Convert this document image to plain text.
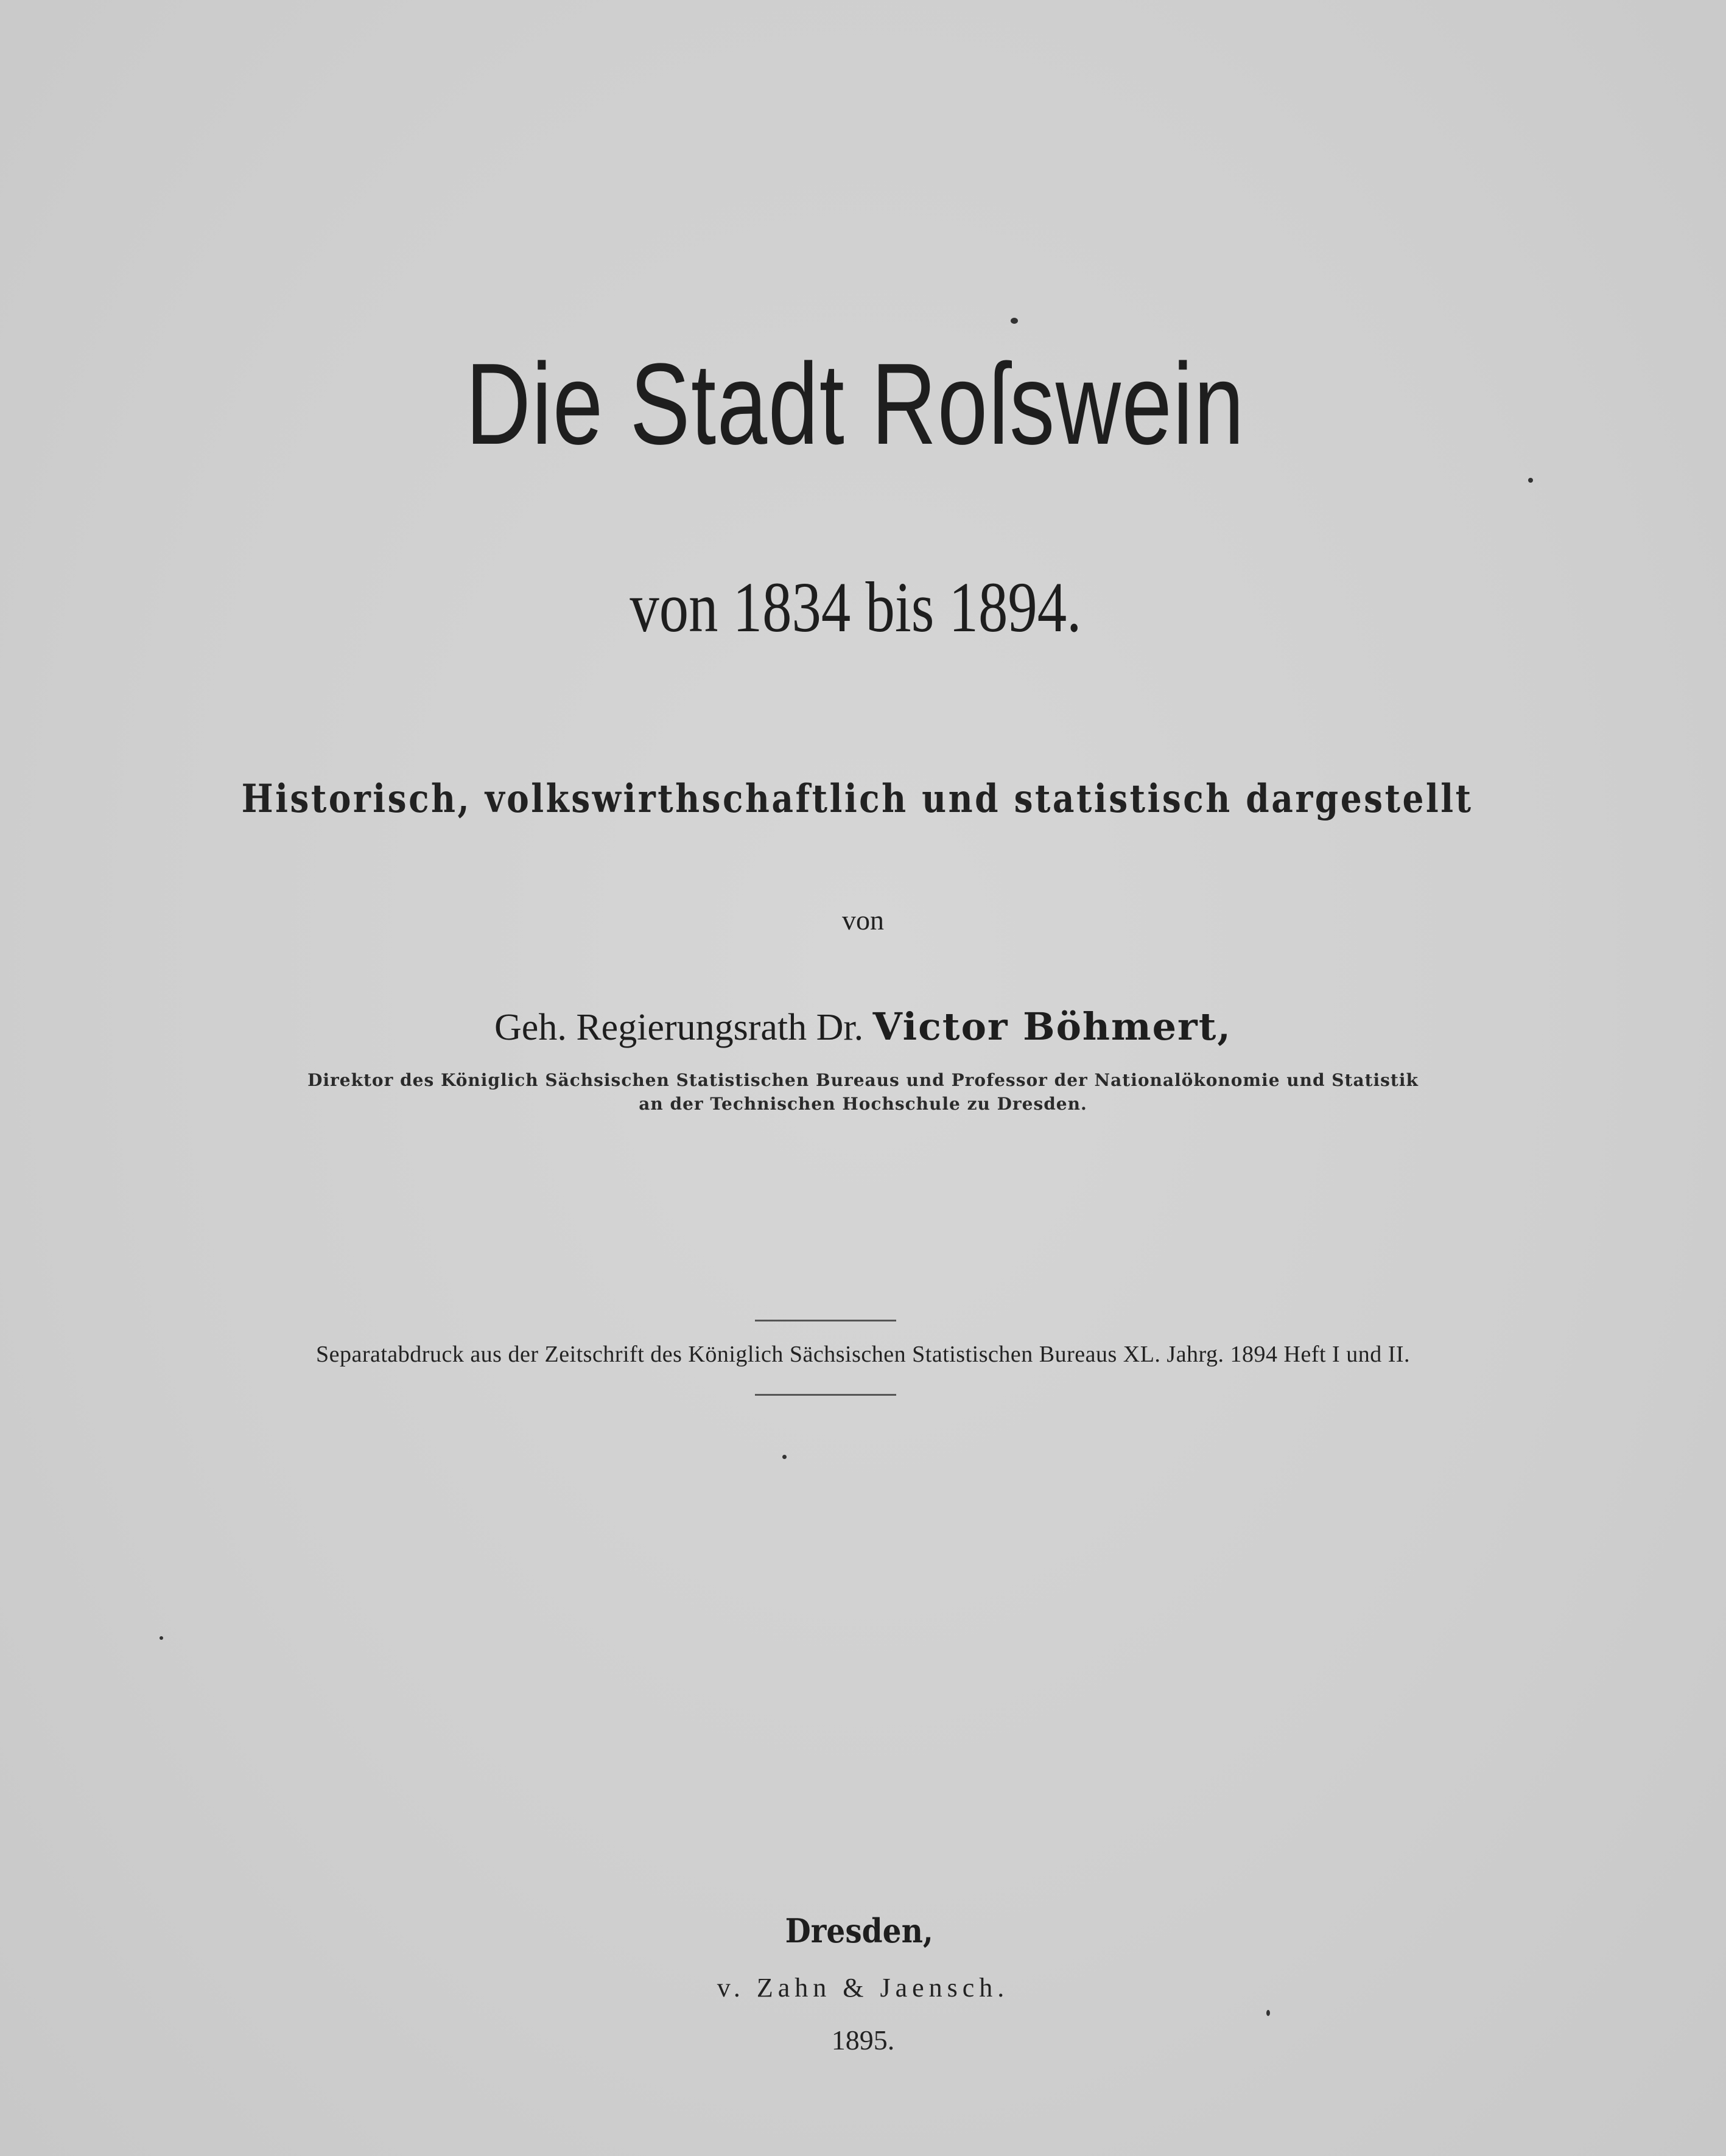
Die Stadt Roſswein
von 1834 bis 1894.
Historisch, volkswirthschaftlich und statistisch dargestellt
von
Geh. Regierungsrath Dr. Victor Böhmert,
Direktor des Königlich Sächsischen Statistischen Bureaus und Professor der Nationalökonomie und Statistik
an der Technischen Hochschule zu Dresden.
Separatabdruck aus der Zeitschrift des Königlich Sächsischen Statistischen Bureaus XL. Jahrg. 1894 Heft I und II.
Dresden,
v. Zahn & Jaensch.
1895.
